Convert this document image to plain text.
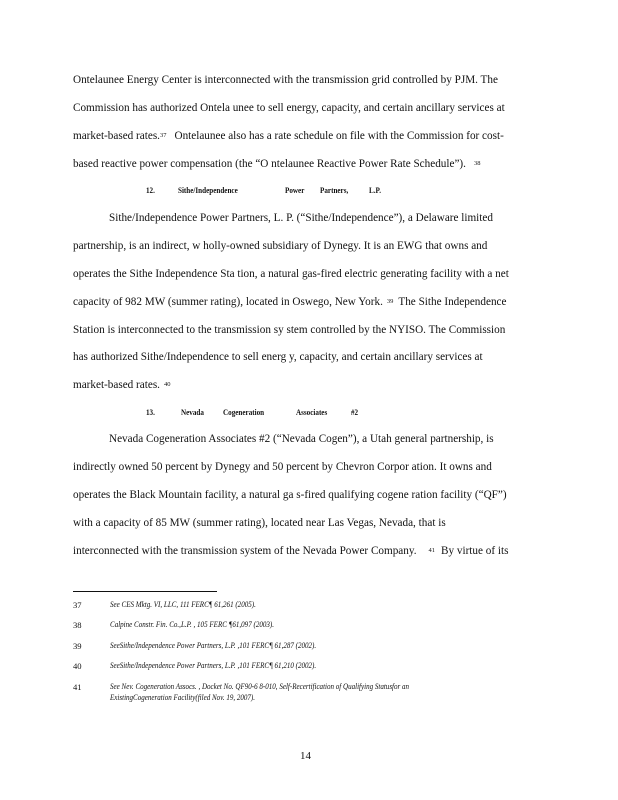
Ontelaunee Energy Center is interconnected with the transmission grid controlled by PJM. The
Commission has authorized Ontela unee to sell energy, capacity, and certain ancillary services at
market-based rates. 37 Ontelaunee also has a rate schedule on file with the Commission for cost-
based reactive power compensation (the “O ntelaunee Reactive Power Rate Schedule”). 38
12.	Sithe/Independence	Power Partners, L.P.
Sithe/Independence Power Partners, L. P. (“Sithe/Independence”), a Delaware limited
partnership, is an indirect, w holly-owned subsidiary of Dynegy. It is an EWG that owns and
operates the Sithe Independence Sta tion, a natural gas-fired electric generating facility with a net
capacity of 982 MW (summer rating), located in Oswego, New York. 39 The Sithe Independence
Station is interconnected to the transmission sy stem controlled by the NYISO. The Commission
has authorized Sithe/Independence to sell energ y, capacity, and certain ancillary services at
market-based rates. 40
13.	Nevada Cogeneration	Associates	#2
Nevada Cogeneration Associates #2 (“Nevada Cogen”), a Utah general partnership, is
indirectly owned 50 percent by Dynegy and 50 percent by Chevron Corpor ation. It owns and
operates the Black Mountain facility, a natural ga s-fired qualifying cogene ration facility (“QF”)
with a capacity of 85 MW (summer rating), located near Las Vegas, Nevada, that is
interconnected with the transmission system of the Nevada Power Company. 41 By virtue of its
37	See CES Mktg. VI, LLC, 111 FERC¶ 61,261 (2005).
38	Calpine Constr. Fin. Co.,L.P. , 105 FERC ¶61,097 (2003).
39	SeeSithe/Independence Power Partners, L.P. ,101 FERC¶ 61,287 (2002).
40	SeeSithe/Independence Power Partners, L.P. ,101 FERC¶ 61,210 (2002).
41	See Nev. Cogeneration Assocs. , Docket No. QF90-6 8-010, Self-Recertification of Qualifying Statusfor an
ExistingCogeneration Facility(filed Nov. 19, 2007).
14
